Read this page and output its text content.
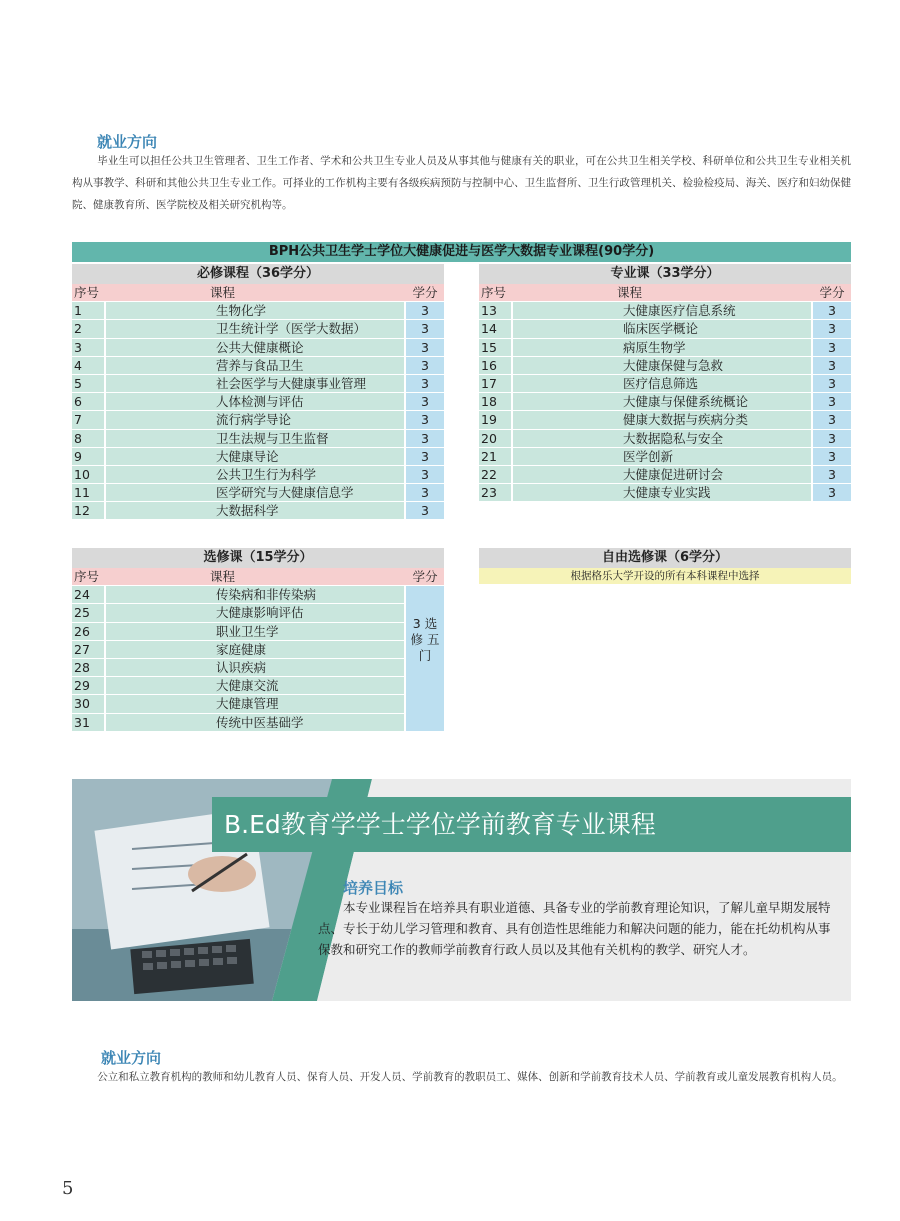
就业方向
毕业生可以担任公共卫生管理者、卫生工作者、学术和公共卫生专业人员及从事其他与健康有关的职业，可在公共卫生相关学校、科研单位和公共卫生专业相关机构从事教学、科研和其他公共卫生专业工作。可择业的工作机构主要有各级疾病预防与控制中心、卫生监督所、卫生行政管理机关、检验检疫局、海关、医疗和妇幼保健院、健康教育所、医学院校及相关研究机构等。
BPH公共卫生学士学位大健康促进与医学大数据专业课程(90学分)
必修课程（36学分）
序号	课程	学分
1	生物化学	3
2	卫生统计学（医学大数据）	3
3	公共大健康概论	3
4	营养与食品卫生	3
5	社会医学与大健康事业管理	3
6	人体检测与评估	3
7	流行病学导论	3
8	卫生法规与卫生监督	3
9	大健康导论	3
10	公共卫生行为科学	3
11	医学研究与大健康信息学	3
12	大数据科学	3
专业课（33学分）
序号	课程	学分
13	大健康医疗信息系统	3
14	临床医学概论	3
15	病原生物学	3
16	大健康保健与急救	3
17	医疗信息筛选	3
18	大健康与保健系统概论	3
19	健康大数据与疾病分类	3
20	大数据隐私与安全	3
21	医学创新	3
22	大健康促进研讨会	3
23	大健康专业实践	3
选修课（15学分）
序号	课程	学分
24	传染病和非传染病
25	大健康影响评估
26	职业卫生学
27	家庭健康
28	认识疾病
29	大健康交流
30	大健康管理
31	传统中医基础学
3 选 修 五 门
自由选修课（6学分）
根据格乐大学开设的所有本科课程中选择
B.Ed教育学学士学位学前教育专业课程
培养目标
本专业课程旨在培养具有职业道德、具备专业的学前教育理论知识，了解儿童早期发展特点、专长于幼儿学习管理和教育、具有创造性思维能力和解决问题的能力，能在托幼机构从事保教和研究工作的教师学前教育行政人员以及其他有关机构的教学、研究人才。
就业方向
公立和私立教育机构的教师和幼儿教育人员、保育人员、开发人员、学前教育的教职员工、媒体、创新和学前教育技术人员、学前教育或儿童发展教育机构人员。
5
